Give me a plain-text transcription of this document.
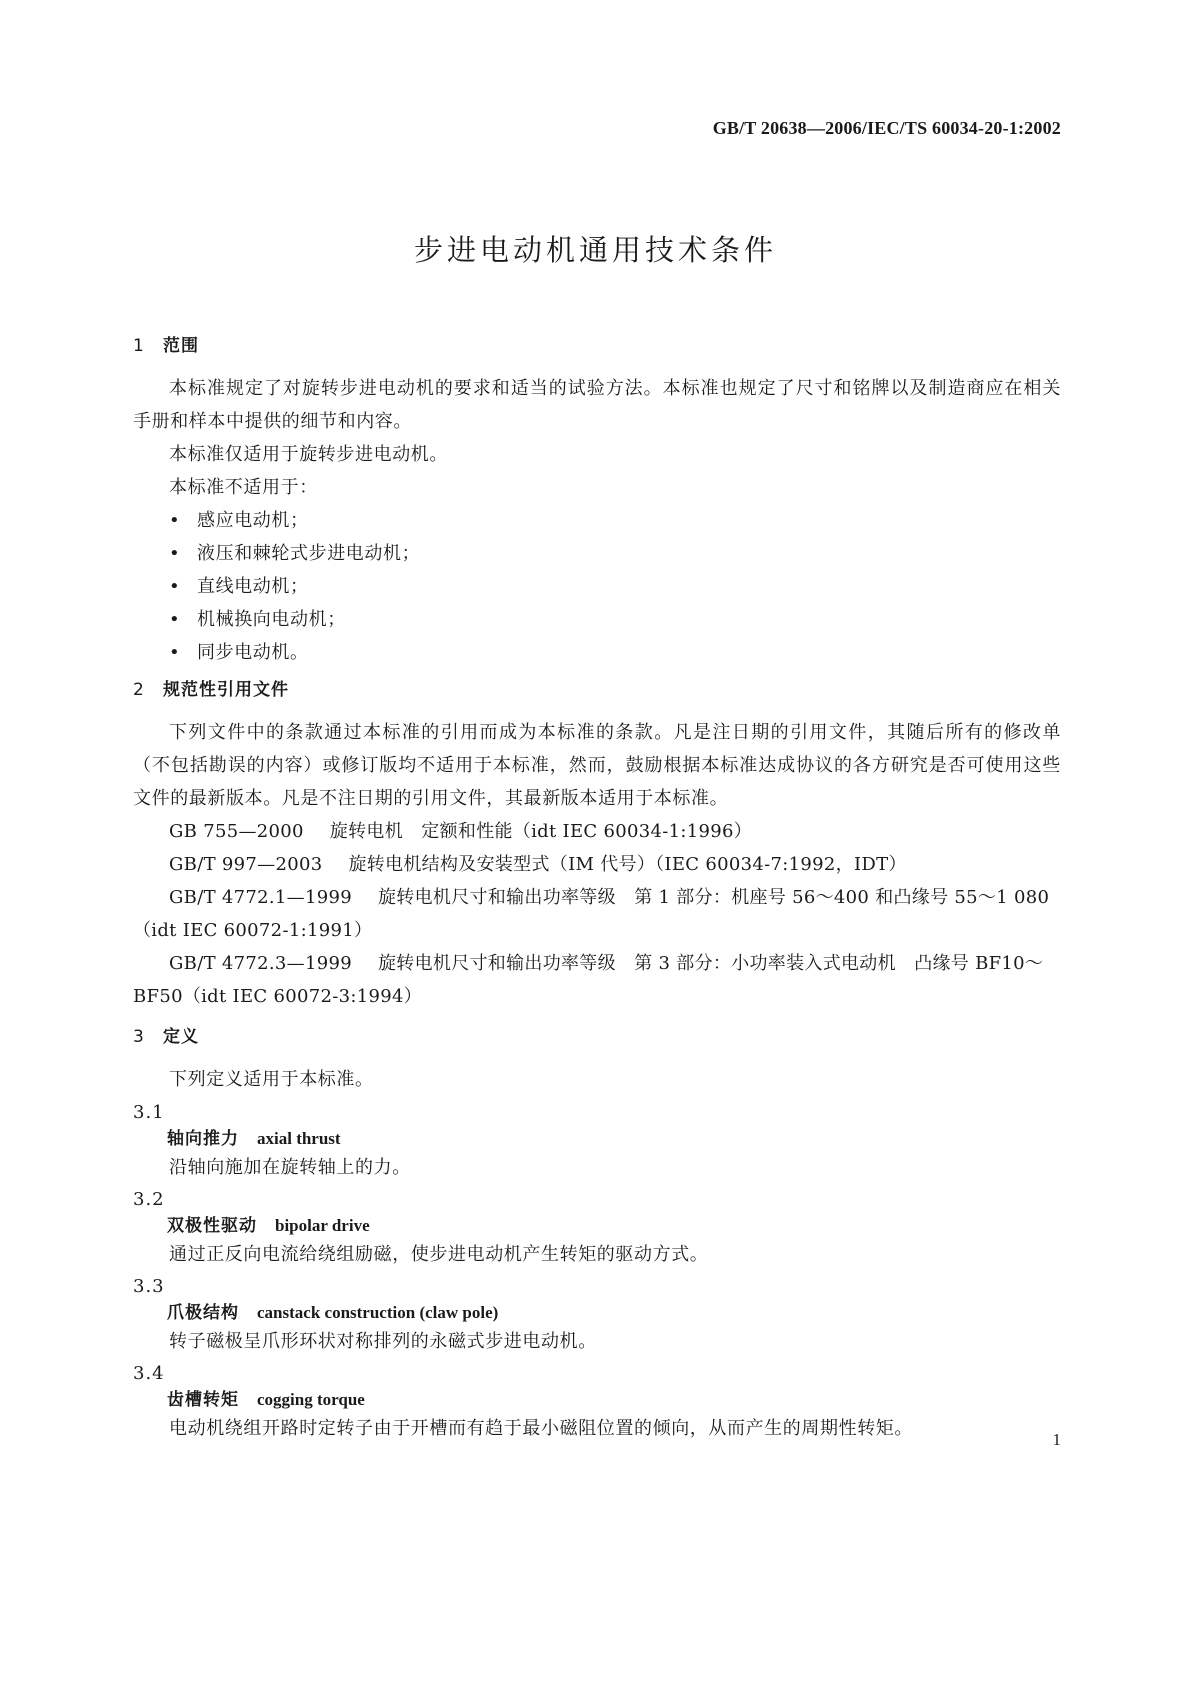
GB/T 20638—2006/IEC/TS 60034-20-1:2002
步进电动机通用技术条件

1 范围

本标准规定了对旋转步进电动机的要求和适当的试验方法。本标准也规定了尺寸和铭牌以及制造商应在相关手册和样本中提供的细节和内容。

本标准仅适用于旋转步进电动机。

本标准不适用于：

• 感应电动机；
• 液压和棘轮式步进电动机；
• 直线电动机；
• 机械换向电动机；
• 同步电动机。

2 规范性引用文件

下列文件中的条款通过本标准的引用而成为本标准的条款。凡是注日期的引用文件，其随后所有的修改单（不包括勘误的内容）或修订版均不适用于本标准，然而，鼓励根据本标准达成协议的各方研究是否可使用这些文件的最新版本。凡是不注日期的引用文件，其最新版本适用于本标准。

GB 755—2000 旋转电机　定额和性能（idt IEC 60034-1:1996）

GB/T 997—2003 旋转电机结构及安装型式（IM 代号）（IEC 60034-7:1992，IDT）

GB/T 4772.1—1999 旋转电机尺寸和输出功率等级　第 1 部分：机座号 56～400 和凸缘号 55～1 080（idt IEC 60072-1:1991）

GB/T 4772.3—1999 旋转电机尺寸和输出功率等级　第 3 部分：小功率装入式电动机　凸缘号 BF10～BF50（idt IEC 60072-3:1994）

3 定义

下列定义适用于本标准。

3.1

轴向推力 axial thrust

沿轴向施加在旋转轴上的力。

3.2

双极性驱动 bipolar drive

通过正反向电流给绕组励磁，使步进电动机产生转矩的驱动方式。

3.3

爪极结构 canstack construction (claw pole)

转子磁极呈爪形环状对称排列的永磁式步进电动机。

3.4

齿槽转矩 cogging torque

电动机绕组开路时定转子由于开槽而有趋于最小磁阻位置的倾向，从而产生的周期性转矩。

1
